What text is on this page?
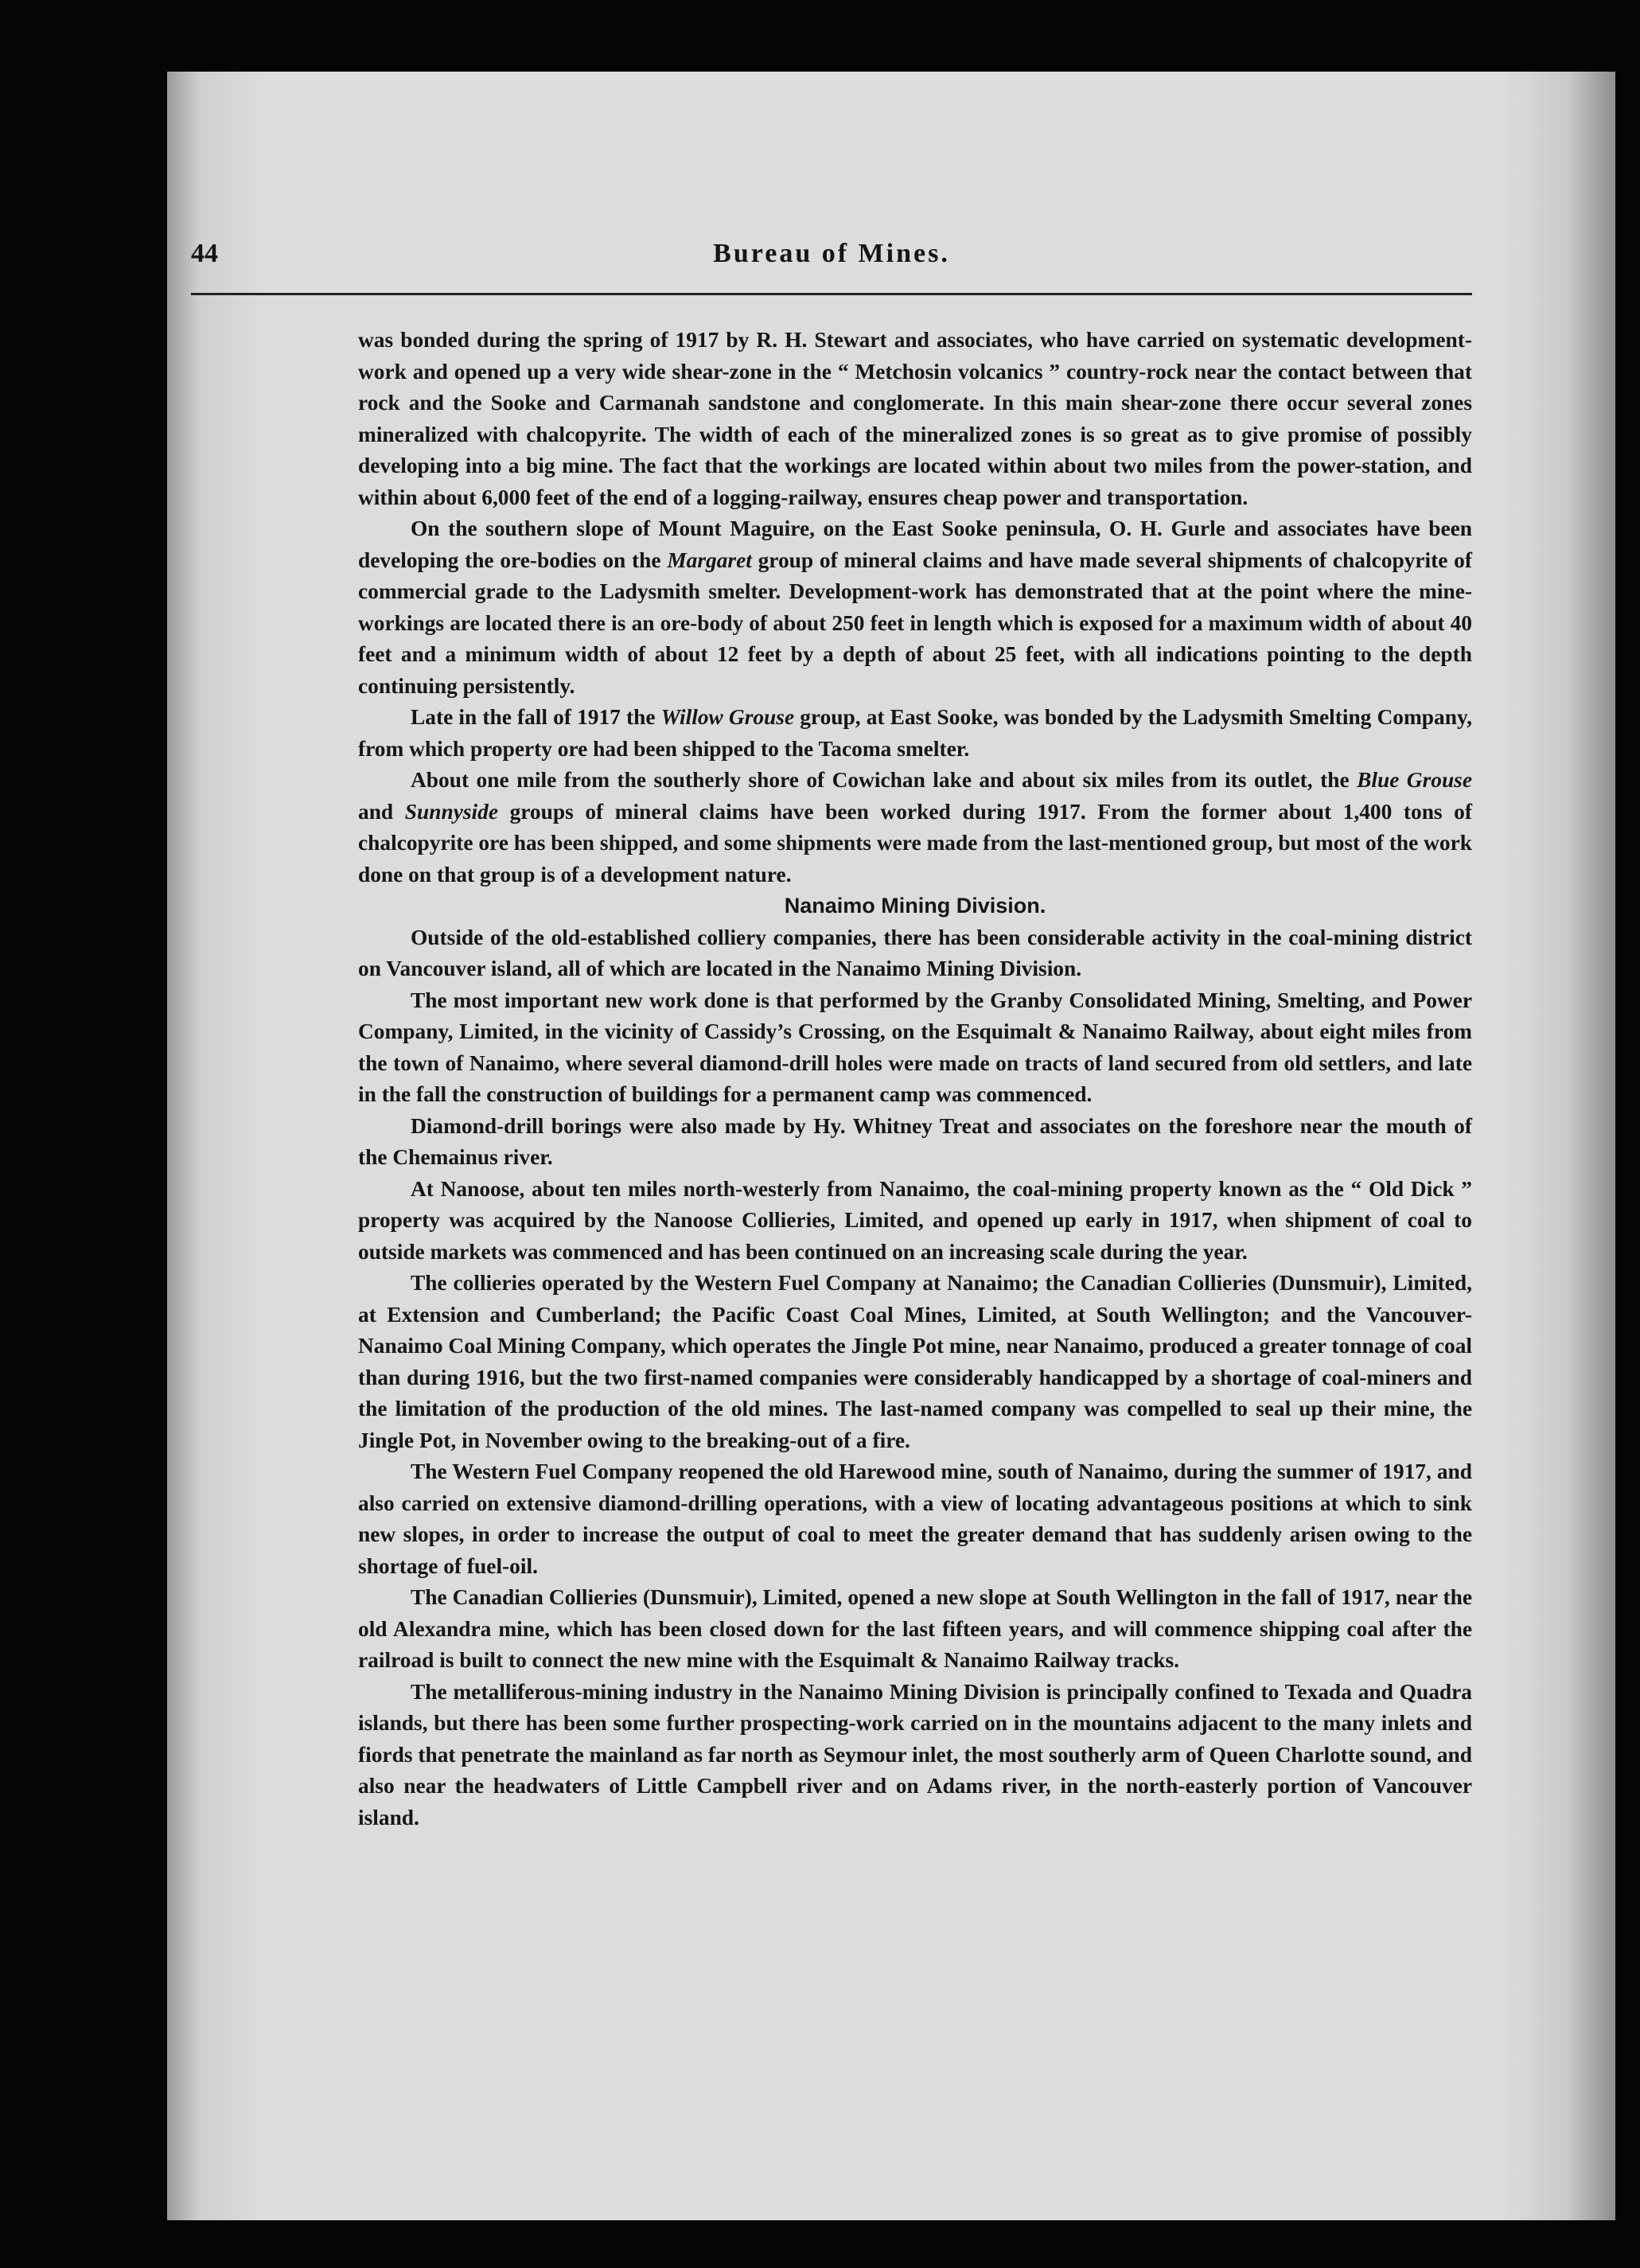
44	Bureau of Mines.

was bonded during the spring of 1917 by R. H. Stewart and associates, who have carried on systematic development-work and opened up a very wide shear-zone in the “ Metchosin volcanics ” country-rock near the contact between that rock and the Sooke and Carmanah sandstone and conglomerate. In this main shear-zone there occur several zones mineralized with chalcopyrite. The width of each of the mineralized zones is so great as to give promise of possibly developing into a big mine. The fact that the workings are located within about two miles from the power-station, and within about 6,000 feet of the end of a logging-railway, ensures cheap power and transportation.

On the southern slope of Mount Maguire, on the East Sooke peninsula, O. H. Gurle and associates have been developing the ore-bodies on the Margaret group of mineral claims and have made several shipments of chalcopyrite of commercial grade to the Ladysmith smelter. Development-work has demonstrated that at the point where the mine-workings are located there is an ore-body of about 250 feet in length which is exposed for a maximum width of about 40 feet and a minimum width of about 12 feet by a depth of about 25 feet, with all indications pointing to the depth continuing persistently.

Late in the fall of 1917 the Willow Grouse group, at East Sooke, was bonded by the Ladysmith Smelting Company, from which property ore had been shipped to the Tacoma smelter.

About one mile from the southerly shore of Cowichan lake and about six miles from its outlet, the Blue Grouse and Sunnyside groups of mineral claims have been worked during 1917. From the former about 1,400 tons of chalcopyrite ore has been shipped, and some shipments were made from the last-mentioned group, but most of the work done on that group is of a development nature.

Nanaimo Mining Division.

Outside of the old-established colliery companies, there has been considerable activity in the coal-mining district on Vancouver island, all of which are located in the Nanaimo Mining Division.

The most important new work done is that performed by the Granby Consolidated Mining, Smelting, and Power Company, Limited, in the vicinity of Cassidy’s Crossing, on the Esquimalt & Nanaimo Railway, about eight miles from the town of Nanaimo, where several diamond-drill holes were made on tracts of land secured from old settlers, and late in the fall the construction of buildings for a permanent camp was commenced.

Diamond-drill borings were also made by Hy. Whitney Treat and associates on the foreshore near the mouth of the Chemainus river.

At Nanoose, about ten miles north-westerly from Nanaimo, the coal-mining property known as the “ Old Dick ” property was acquired by the Nanoose Collieries, Limited, and opened up early in 1917, when shipment of coal to outside markets was commenced and has been continued on an increasing scale during the year.

The collieries operated by the Western Fuel Company at Nanaimo; the Canadian Collieries (Dunsmuir), Limited, at Extension and Cumberland; the Pacific Coast Coal Mines, Limited, at South Wellington; and the Vancouver-Nanaimo Coal Mining Company, which operates the Jingle Pot mine, near Nanaimo, produced a greater tonnage of coal than during 1916, but the two first-named companies were considerably handicapped by a shortage of coal-miners and the limitation of the production of the old mines. The last-named company was compelled to seal up their mine, the Jingle Pot, in November owing to the breaking-out of a fire.

The Western Fuel Company reopened the old Harewood mine, south of Nanaimo, during the summer of 1917, and also carried on extensive diamond-drilling operations, with a view of locating advantageous positions at which to sink new slopes, in order to increase the output of coal to meet the greater demand that has suddenly arisen owing to the shortage of fuel-oil.

The Canadian Collieries (Dunsmuir), Limited, opened a new slope at South Wellington in the fall of 1917, near the old Alexandra mine, which has been closed down for the last fifteen years, and will commence shipping coal after the railroad is built to connect the new mine with the Esquimalt & Nanaimo Railway tracks.

The metalliferous-mining industry in the Nanaimo Mining Division is principally confined to Texada and Quadra islands, but there has been some further prospecting-work carried on in the mountains adjacent to the many inlets and fiords that penetrate the mainland as far north as Seymour inlet, the most southerly arm of Queen Charlotte sound, and also near the headwaters of Little Campbell river and on Adams river, in the north-easterly portion of Vancouver island.
